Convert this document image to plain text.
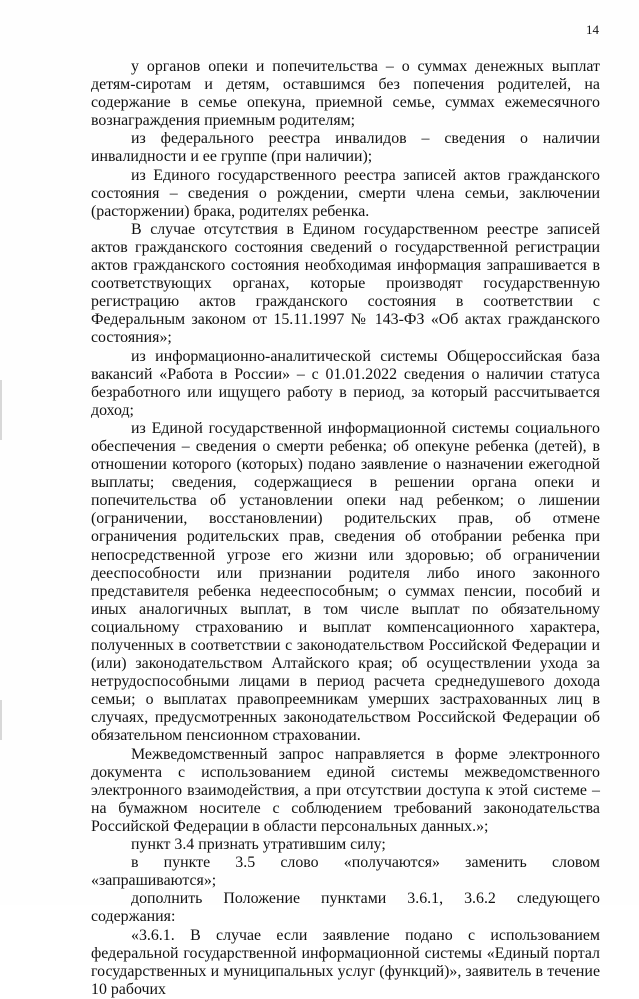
14

у органов опеки и попечительства – о суммах денежных выплат детям-сиротам и детям, оставшимся без попечения родителей, на содержание в семье опекуна, приемной семье, суммах ежемесячного вознаграждения приемным родителям;

из федерального реестра инвалидов – сведения о наличии инвалидности и ее группе (при наличии);

из Единого государственного реестра записей актов гражданского состояния – сведения о рождении, смерти члена семьи, заключении (расторжении) брака, родителях ребенка.

В случае отсутствия в Едином государственном реестре записей актов гражданского состояния сведений о государственной регистрации актов гражданского состояния необходимая информация запрашивается в соответствующих органах, которые производят государственную регистрацию актов гражданского состояния в соответствии с Федеральным законом от 15.11.1997 № 143-ФЗ «Об актах гражданского состояния»;

из информационно-аналитической системы Общероссийская база вакансий «Работа в России» – с 01.01.2022 сведения о наличии статуса безработного или ищущего работу в период, за который рассчитывается доход;

из Единой государственной информационной системы социального обеспечения – сведения о смерти ребенка; об опекуне ребенка (детей), в отношении которого (которых) подано заявление о назначении ежегодной выплаты; сведения, содержащиеся в решении органа опеки и попечительства об установлении опеки над ребенком; о лишении (ограничении, восстановлении) родительских прав, об отмене ограничения родительских прав, сведения об отобрании ребенка при непосредственной угрозе его жизни или здоровью; об ограничении дееспособности или признании родителя либо иного законного представителя ребенка недееспособным; о суммах пенсии, пособий и иных аналогичных выплат, в том числе выплат по обязательному социальному страхованию и выплат компенсационного характера, полученных в соответствии с законодательством Российской Федерации и (или) законодательством Алтайского края; об осуществлении ухода за нетрудоспособными лицами в период расчета среднедушевого дохода семьи; о выплатах правопреемникам умерших застрахованных лиц в случаях, предусмотренных законодательством Российской Федерации об обязательном пенсионном страховании.

Межведомственный запрос направляется в форме электронного документа с использованием единой системы межведомственного электронного взаимодействия, а при отсутствии доступа к этой системе – на бумажном носителе с соблюдением требований законодательства Российской Федерации в области персональных данных.»;

пункт 3.4 признать утратившим силу;

в пункте 3.5 слово «получаются» заменить словом «запрашиваются»;

дополнить Положение пунктами 3.6.1, 3.6.2 следующего содержания:

«3.6.1. В случае если заявление подано с использованием федеральной государственной информационной системы «Единый портал государственных и муниципальных услуг (функций)», заявитель в течение 10 рабочих
